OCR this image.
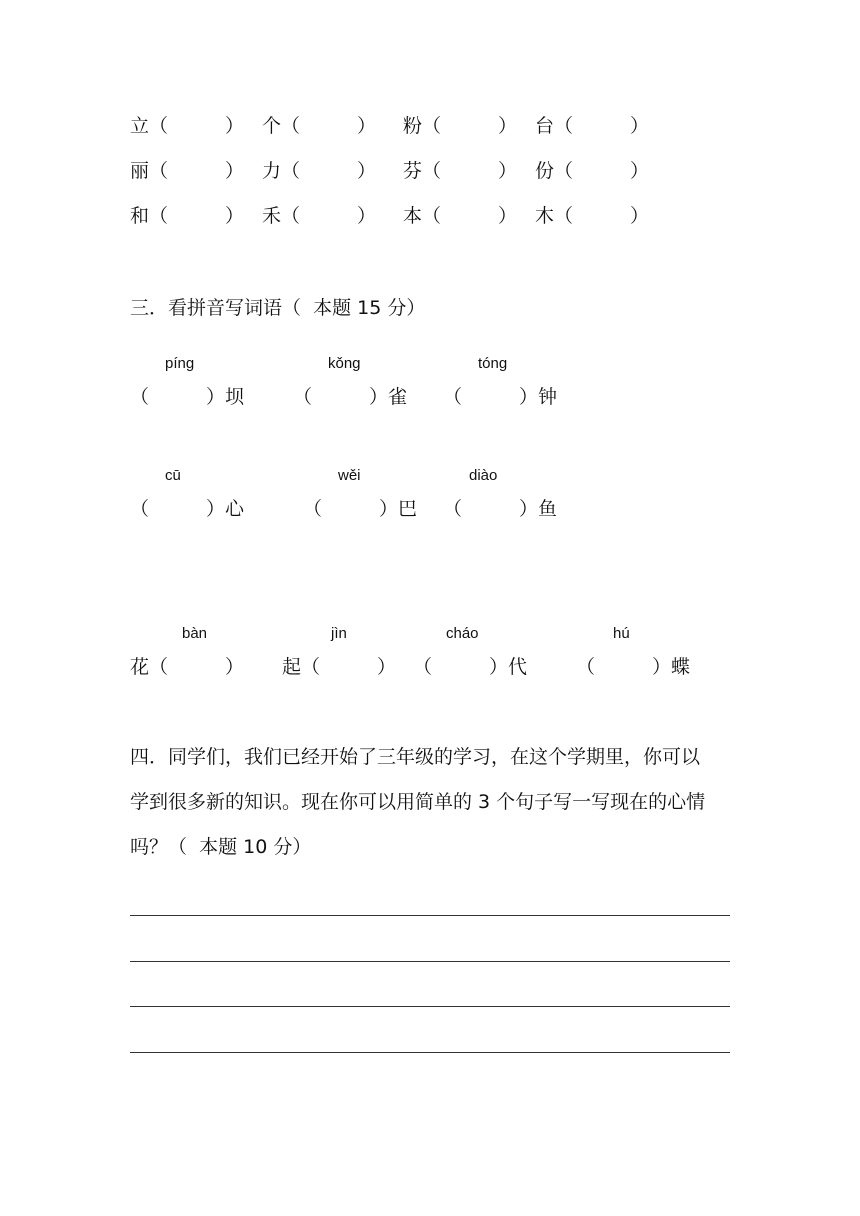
立（　　　） 个（　　　） 粉（　　　） 台（　　　）
丽（　　　） 力（　　　） 芬（　　　） 份（　　　）
和（　　　） 禾（　　　） 本（　　　） 木（　　　）
三．看拼音写词语（  本题 15 分）
píng	kǒng	tóng
（　　　）坝	（　　　）雀 （　　　）钟
cū	wěi	diào
（　　　）心	（　　　）巴 （　　　）鱼
bàn	jìn	cháo	hú
花（　　　） 起（　　　） （　　　）代	（　　　）蝶
四．同学们，我们已经开始了三年级的学习，在这个学期里，你可以
学到很多新的知识。现在你可以用简单的 3 个句子写一写现在的心情
吗？（  本题 10 分）
